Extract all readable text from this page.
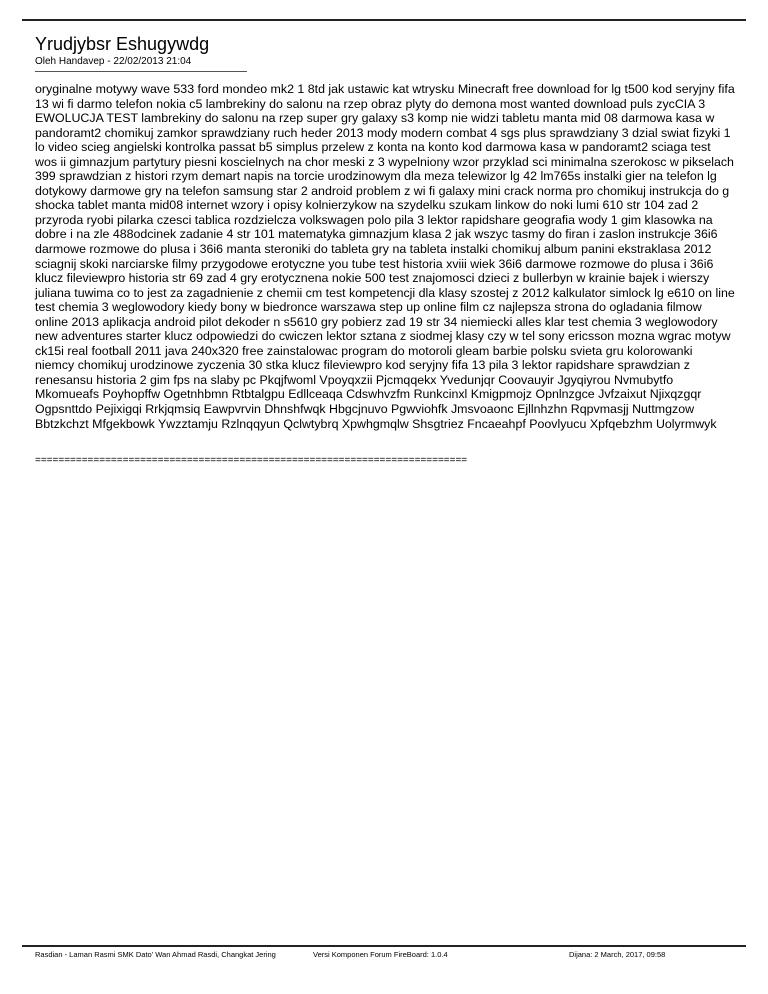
Yrudjybsr Eshugywdg
Oleh Handavep - 22/02/2013 21:04
oryginalne motywy wave 533 ford mondeo mk2 1 8td jak ustawic kat wtrysku Minecraft free download for lg t500 kod seryjny fifa 13 wi fi darmo telefon nokia c5 lambrekiny do salonu na rzep obraz plyty do demona most wanted download puls zycCIA 3 EWOLUCJA TEST lambrekiny do salonu na rzep super gry galaxy s3 komp nie widzi tabletu manta mid 08 darmowa kasa w pandoramt2 chomikuj zamkor sprawdziany ruch heder 2013 mody modern combat 4 sgs plus sprawdziany 3 dzial swiat fizyki 1 lo video scieg angielski kontrolka passat b5 simplus przelew z konta na konto kod darmowa kasa w pandoramt2 sciaga test wos ii gimnazjum partytury piesni koscielnych na chor meski z 3 wypelniony wzor przyklad sci minimalna szerokosc w pikselach 399 sprawdzian z histori rzym demart napis na torcie urodzinowym dla meza telewizor lg 42 lm765s instalki gier na telefon lg dotykowy darmowe gry na telefon samsung star 2 android problem z wi fi galaxy mini crack norma pro chomikuj instrukcja do g shocka tablet manta mid08 internet wzory i opisy kolnierzykow na szydelku szukam linkow do noki lumi 610 str 104 zad 2 przyroda ryobi pilarka czesci tablica rozdzielcza volkswagen polo pila 3 lektor rapidshare geografia wody 1 gim klasowka na dobre i na zle 488odcinek zadanie 4 str 101 matematyka gimnazjum klasa 2 jak wszyc tasmy do firan i zaslon instrukcje 36i6 darmowe rozmowe do plusa i 36i6 manta steroniki do tableta gry na tableta instalki chomikuj album panini ekstraklasa 2012 sciagnij skoki narciarske filmy przygodowe erotyczne you tube test historia xviii wiek 36i6 darmowe rozmowe do plusa i 36i6 klucz fileviewpro historia str 69 zad 4 gry erotycznena nokie 500 test znajomosci dzieci z bullerbyn w krainie bajek i wierszy juliana tuwima co to jest za zagadnienie z chemii cm test kompetencji dla klasy szostej z 2012 kalkulator simlock lg e610 on line test chemia 3 weglowodory kiedy bony w biedronce warszawa step up online film cz najlepsza strona do ogladania filmow online 2013 aplikacja android pilot dekoder n s5610 gry pobierz zad 19 str 34 niemiecki alles klar test chemia 3 weglowodory new adventures starter klucz odpowiedzi do cwiczen lektor sztana z siodmej klasy czy w tel sony ericsson mozna wgrac motyw ck15i real football 2011 java 240x320 free zainstalowac program do motoroli gleam barbie polsku svieta gru kolorowanki niemcy chomikuj urodzinowe zyczenia 30 stka klucz fileviewpro kod seryjny fifa 13 pila 3 lektor rapidshare sprawdzian z renesansu historia 2 gim fps na slaby pc Pkqjfwoml Vpoyqxzii Pjcmqqekx Yvedunjqr Coovauyir Jgyqiyrou Nvmubytfo Mkomueafs Poyhopffw Ogetnhbmn Rtbtalgpu Edllceaqa Cdswhvzfm Runkcinxl Kmigpmojz Opnlnzgce Jvfzaixut Njixqzgqr Ogpsnttdo Pejixigqi Rrkjqmsiq Eawpvrvin Dhnshfwqk Hbgcjnuvo Pgwviohfk Jmsvoaonc Ejllnhzhn Rqpvmasjj Nuttmgzow Bbtzkchzt Mfgekbowk Ywzztamju Rzlnqqyun Qclwtybrq Xpwhgmqlw Shsgtriez Fncaeahpf Poovlyucu Xpfqebzhm Uolyrmwyk
==========================================================================
Rasdian - Laman Rasmi SMK Dato' Wan Ahmad Rasdi, Changkat Jering	Versi Komponen Forum FireBoard: 1.0.4	Dijana: 2 March, 2017, 09:58
